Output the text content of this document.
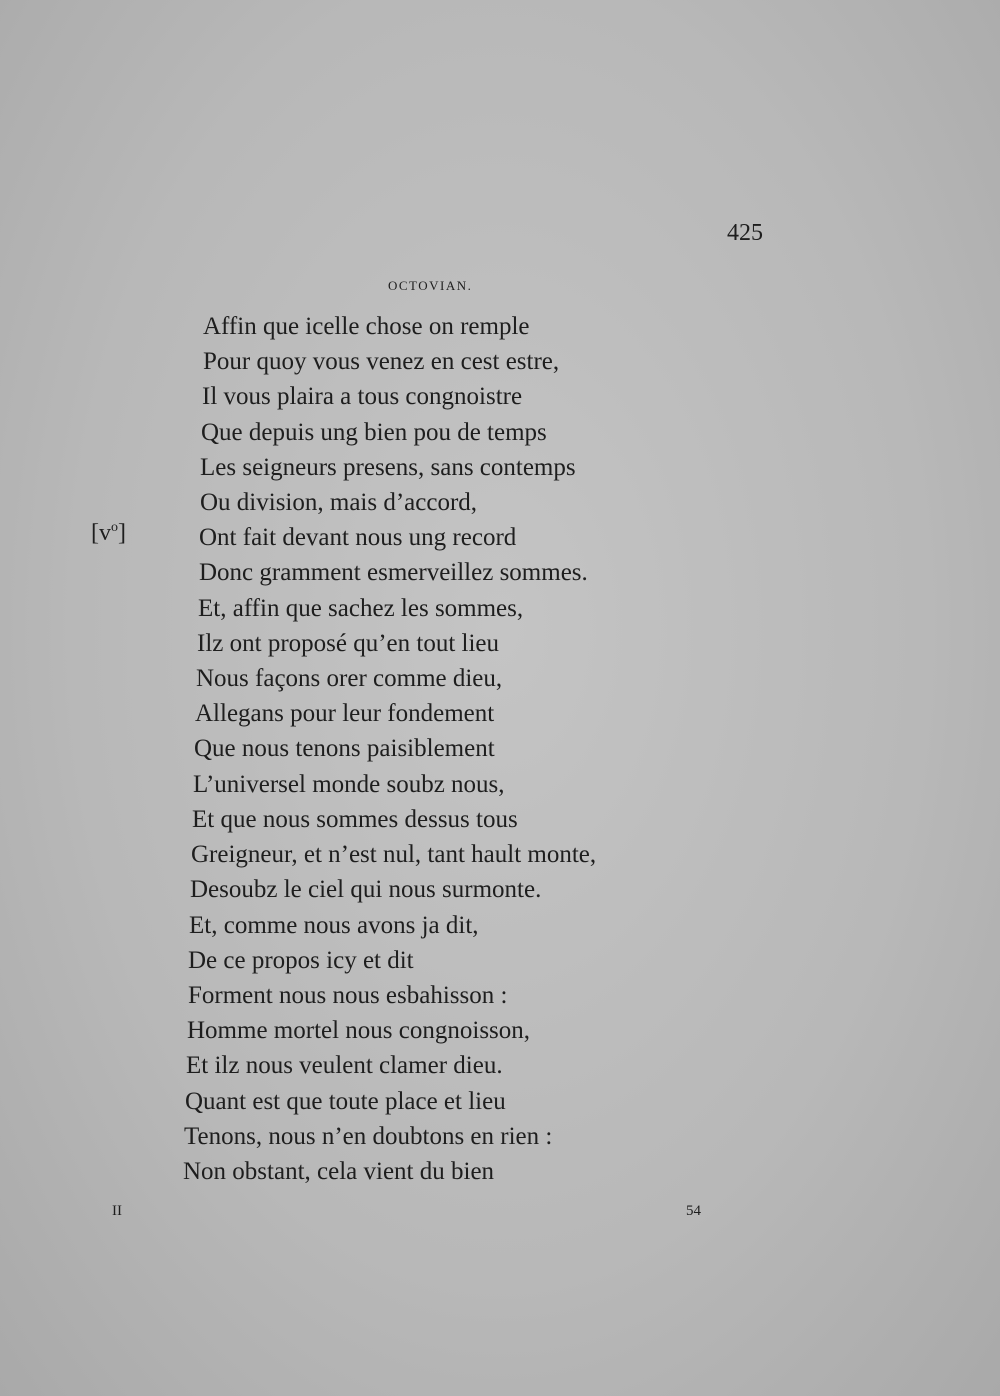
425
OCTOVIAN.
$[v^o]$
Affin que icelle chose on remple
Pour quoy vous venez en cest estre,
Il vous plaira a tous congnoistre
Que depuis ung bien pou de temps
Les seigneurs presens, sans contemps
Ou division, mais d’accord,
Ont fait devant nous ung record
Donc gramment esmerveillez sommes.
Et, affin que sachez les sommes,
Ilz ont proposé qu’en tout lieu
Nous façons orer comme dieu,
Allegans pour leur fondement
Que nous tenons paisiblement
L’universel monde soubz nous,
Et que nous sommes dessus tous
Greigneur, et n’est nul, tant hault monte,
Desoubz le ciel qui nous surmonte.
Et, comme nous avons ja dit,
De ce propos icy et dit
Forment nous nous esbahisson :
Homme mortel nous congnoisson,
Et ilz nous veulent clamer dieu.
Quant est que toute place et lieu
Tenons, nous n’en doubtons en rien :
Non obstant, cela vient du bien
II	54
